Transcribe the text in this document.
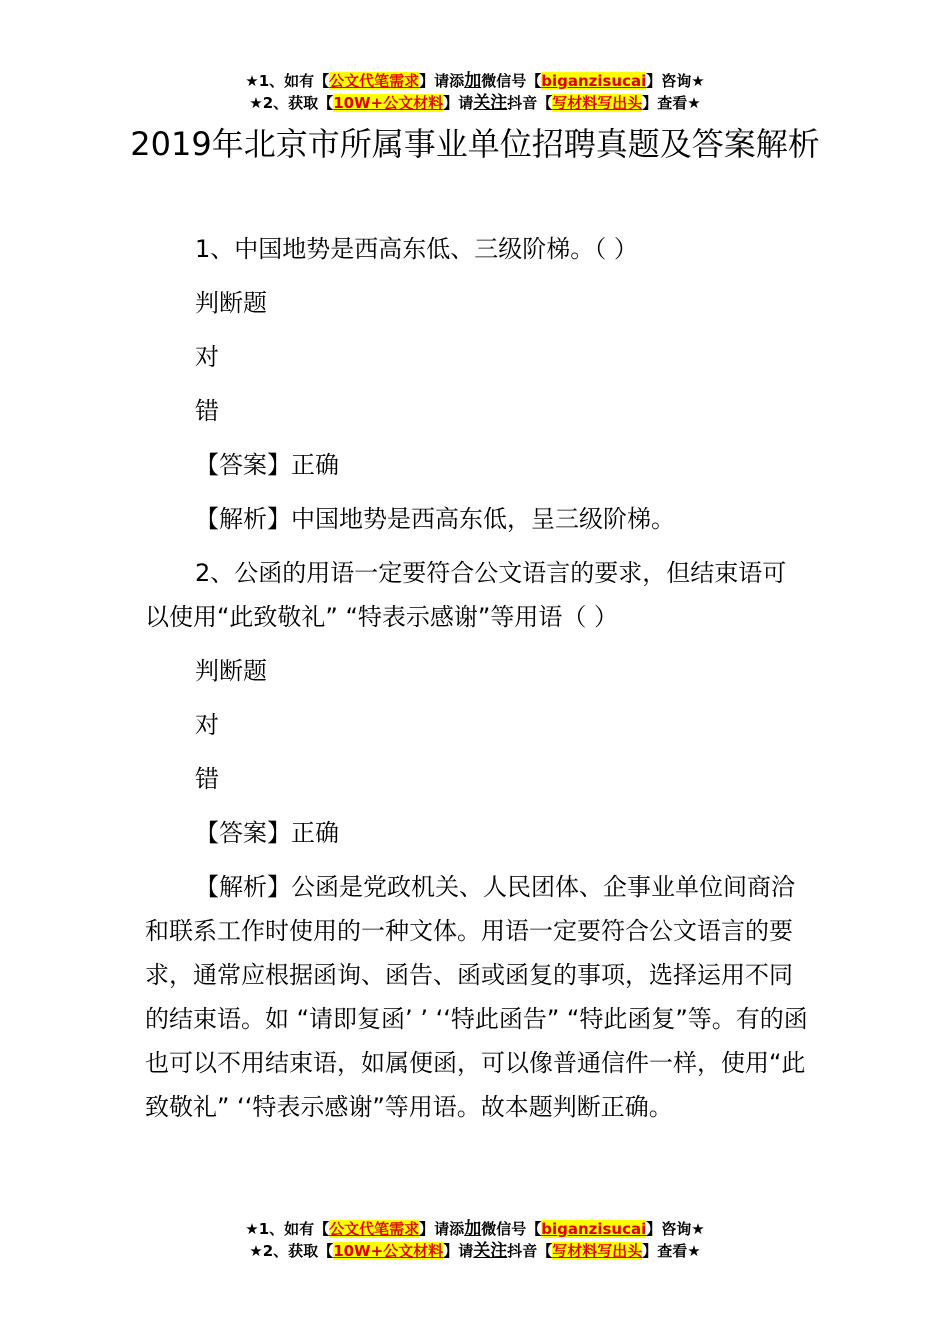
★1、如有【公文代笔需求】请添加微信号【biganzisucai】咨询★
★2、获取【10W+公文材料】请关注抖音【写材料写出头】查看★
2019年北京市所属事业单位招聘真题及答案解析

1、中国地势是西高东低、三级阶梯。（ ）

判断题

对

错

【答案】正确

【解析】中国地势是西高东低，呈三级阶梯。

2、公函的用语一定要符合公文语言的要求，但结束语可以使用“此致敬礼” “特表示感谢”等用语（ ）

判断题

对

错

【答案】正确

【解析】公函是党政机关、人民团体、企事业单位间商洽和联系工作时使用的一种文体。用语一定要符合公文语言的要求，通常应根据函询、函告、函或函复的事项，选择运用不同的结束语。如 “请即复函’ ’ ‘‘特此函告” “特此函复”等。有的函也可以不用结束语，如属便函，可以像普通信件一样，使用“此致敬礼” ‘‘特表示感谢”等用语。故本题判断正确。

★1、如有【公文代笔需求】请添加微信号【biganzisucai】咨询★
★2、获取【10W+公文材料】请关注抖音【写材料写出头】查看★
